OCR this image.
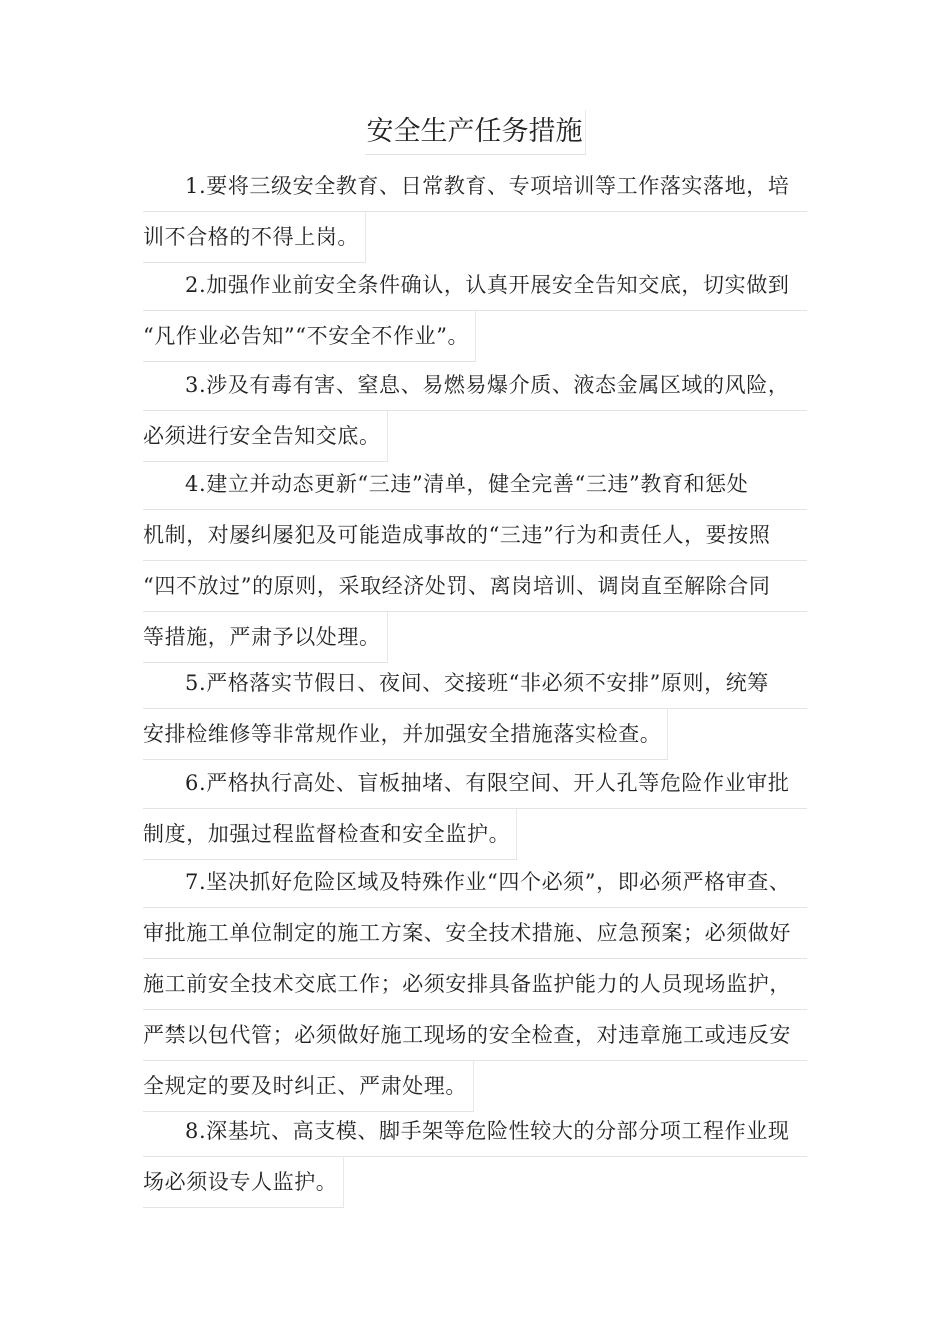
安全生产任务措施
1.要将三级安全教育、日常教育、专项培训等工作落实落地，培
训不合格的不得上岗。
2.加强作业前安全条件确认，认真开展安全告知交底，切实做到
“凡作业必告知”“不安全不作业”。
3.涉及有毒有害、窒息、易燃易爆介质、液态金属区域的风险，
必须进行安全告知交底。
4.建立并动态更新“三违”清单，健全完善“三违”教育和惩处
机制，对屡纠屡犯及可能造成事故的“三违”行为和责任人，要按照
“四不放过”的原则，采取经济处罚、离岗培训、调岗直至解除合同
等措施，严肃予以处理。
5.严格落实节假日、夜间、交接班“非必须不安排”原则，统筹
安排检维修等非常规作业，并加强安全措施落实检查。
6.严格执行高处、盲板抽堵、有限空间、开人孔等危险作业审批
制度，加强过程监督检查和安全监护。
7.坚决抓好危险区域及特殊作业“四个必须”，即必须严格审查、
审批施工单位制定的施工方案、安全技术措施、应急预案；必须做好
施工前安全技术交底工作；必须安排具备监护能力的人员现场监护，
严禁以包代管；必须做好施工现场的安全检查，对违章施工或违反安
全规定的要及时纠正、严肃处理。
8.深基坑、高支模、脚手架等危险性较大的分部分项工程作业现
场必须设专人监护。
